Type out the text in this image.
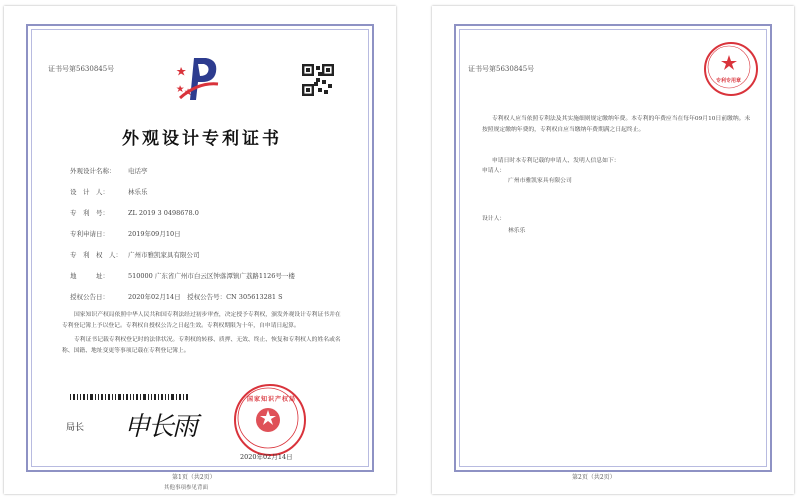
证书号第5630845号
外观设计专利证书
外观设计名称： 电话亭
设　计　人：	林乐乐
专　利　号：	ZL 2019 3 0498678.0
专利申请日：	2019年09月10日
专　利　权　人： 广州市雅凯家具有限公司
地　　　址：	510000 广东省广州市白云区钟落潭镇广荔路1126号一楼
授权公告日：	2020年02月14日　授权公告号：CN 305613281 S
国家知识产权局依照中华人民共和国专利法经过初步审查，决定授予专利权，颁发外观设计专利证书并在专利登记簿上予以登记。专利权自授权公告之日起生效。专利权期限为十年，自申请日起算。
专利证书记载专利权登记时的法律状况。专利权的转移、质押、无效、终止、恢复和专利权人的姓名或名称、国籍、地址变更等事项记载在专利登记簿上。
局长 申长雨
国家知识产权局
2020年02月14日
第1页（共2页）
其他事项参见背面
证书号第5630845号
专利专用章
专利权人应当依照专利法及其实施细则规定缴纳年费。本专利的年费应当在每年09月10日前缴纳。未按照规定缴纳年费的，专利权自应当缴纳年费期满之日起终止。
申请日时本专利记载的申请人、发明人信息如下：
申请人：
广州市雅凯家具有限公司
设计人：
林乐乐
第2页（共2页）
